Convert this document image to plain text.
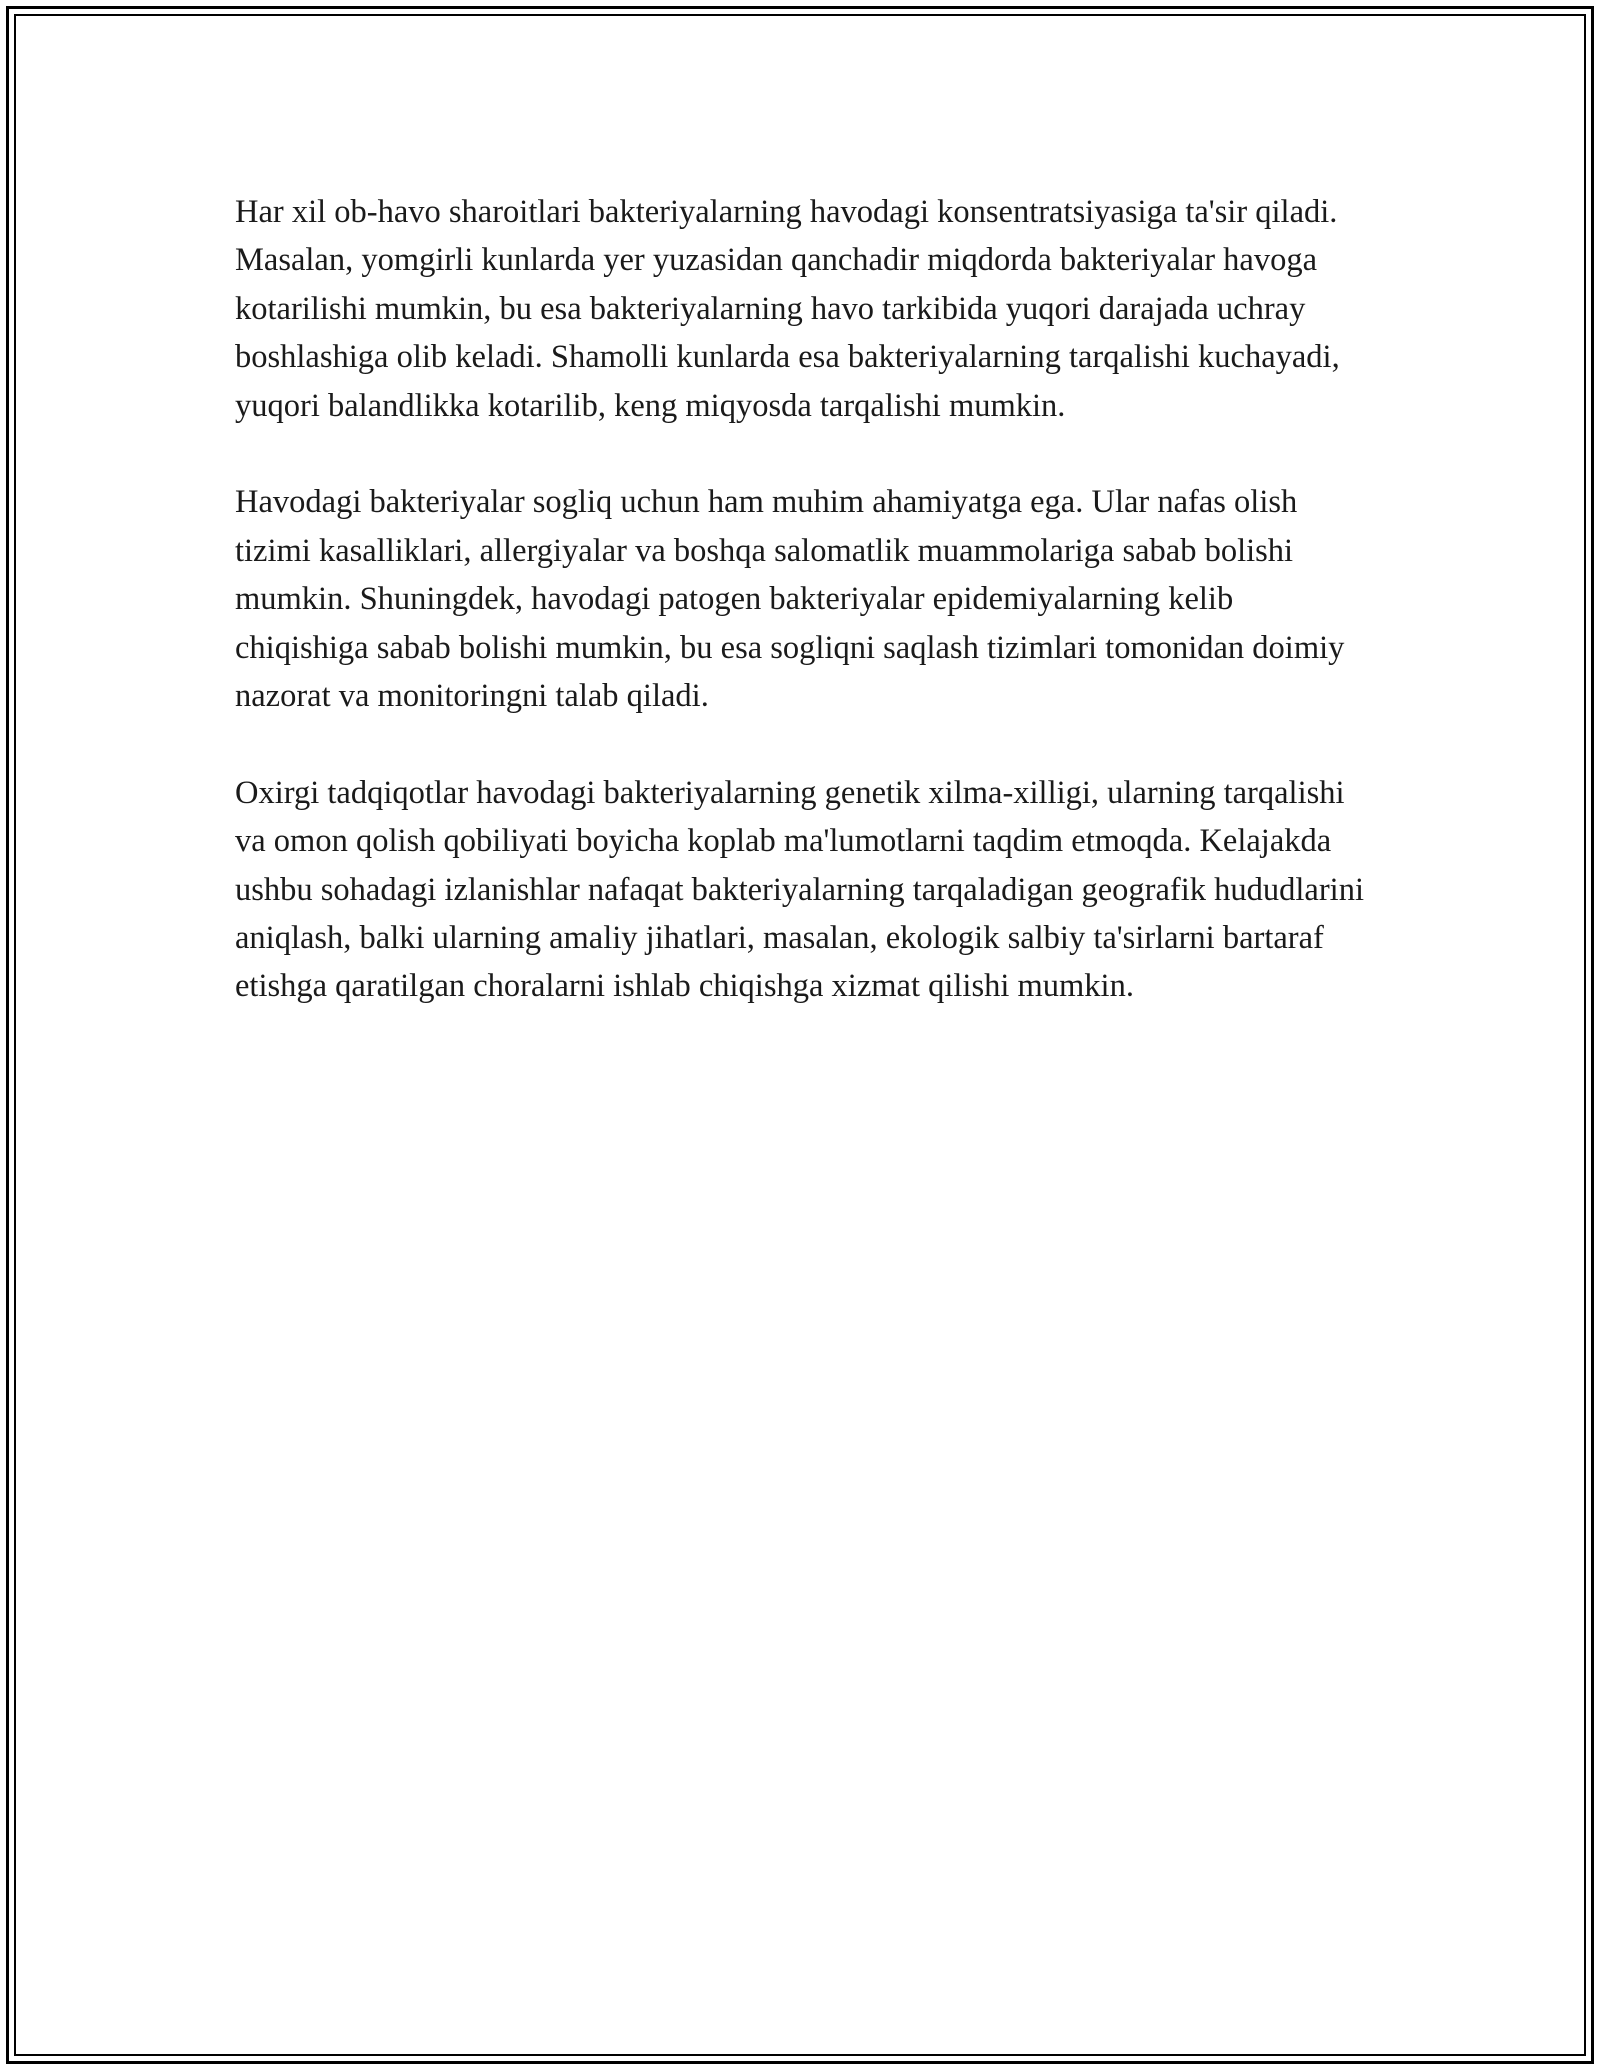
Har xil ob-havo sharoitlari bakteriyalarning havodagi konsentratsiyasiga ta'sir qiladi. Masalan, yomgirli kunlarda yer yuzasidan qanchadir miqdorda bakteriyalar havoga kotarilishi mumkin, bu esa bakteriyalarning havo tarkibida yuqori darajada uchray boshlashiga olib keladi. Shamolli kunlarda esa bakteriyalarning tarqalishi kuchayadi, yuqori balandlikka kotarilib, keng miqyosda tarqalishi mumkin.

Havodagi bakteriyalar sogliq uchun ham muhim ahamiyatga ega. Ular nafas olish tizimi kasalliklari, allergiyalar va boshqa salomatlik muammolariga sabab bolishi mumkin. Shuningdek, havodagi patogen bakteriyalar epidemiyalarning kelib chiqishiga sabab bolishi mumkin, bu esa sogliqni saqlash tizimlari tomonidan doimiy nazorat va monitoringni talab qiladi.

Oxirgi tadqiqotlar havodagi bakteriyalarning genetik xilma-xilligi, ularning tarqalishi va omon qolish qobiliyati boyicha koplab ma'lumotlarni taqdim etmoqda. Kelajakda ushbu sohadagi izlanishlar nafaqat bakteriyalarning tarqaladigan geografik hududlarini aniqlash, balki ularning amaliy jihatlari, masalan, ekologik salbiy ta'sirlarni bartaraf etishga qaratilgan choralarni ishlab chiqishga xizmat qilishi mumkin.
